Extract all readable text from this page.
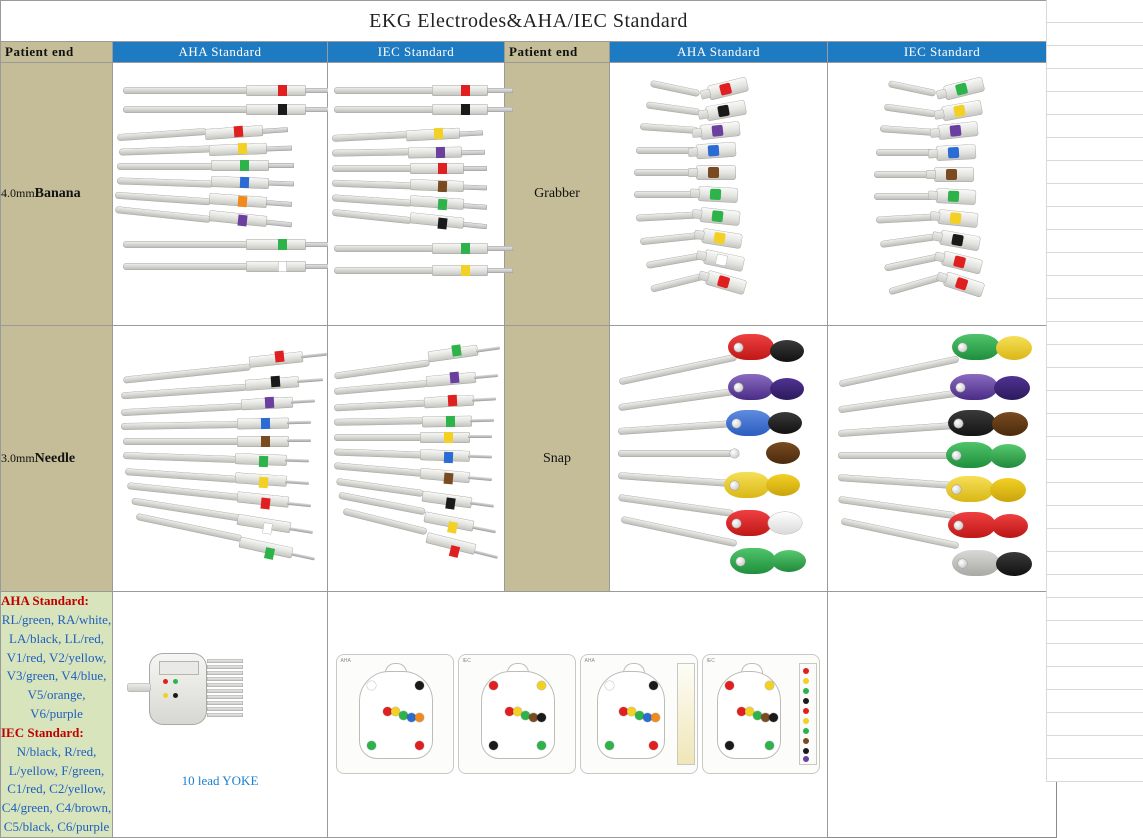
EKG Electrodes&AHA/IEC Standard					
Patient end	AHA Standard	IEC Standard	Patient end	AHA Standard	IEC Standard
4.0mmBanana			Grabber	

3.0mmNeedle			Snap	

AHA Standard:
RL/green, RA/white, LA/black, LL/red,
V1/red, V2/yellow, V3/green, V4/blue,
V5/orange, V6/purple
IEC Standard:
N/black, R/red, L/yellow, F/green,
C1/red, C2/yellow, C4/green, C4/brown,
C5/black, C6/purple

10 lead YOKE

AHA	IEC	AHA	IEC
